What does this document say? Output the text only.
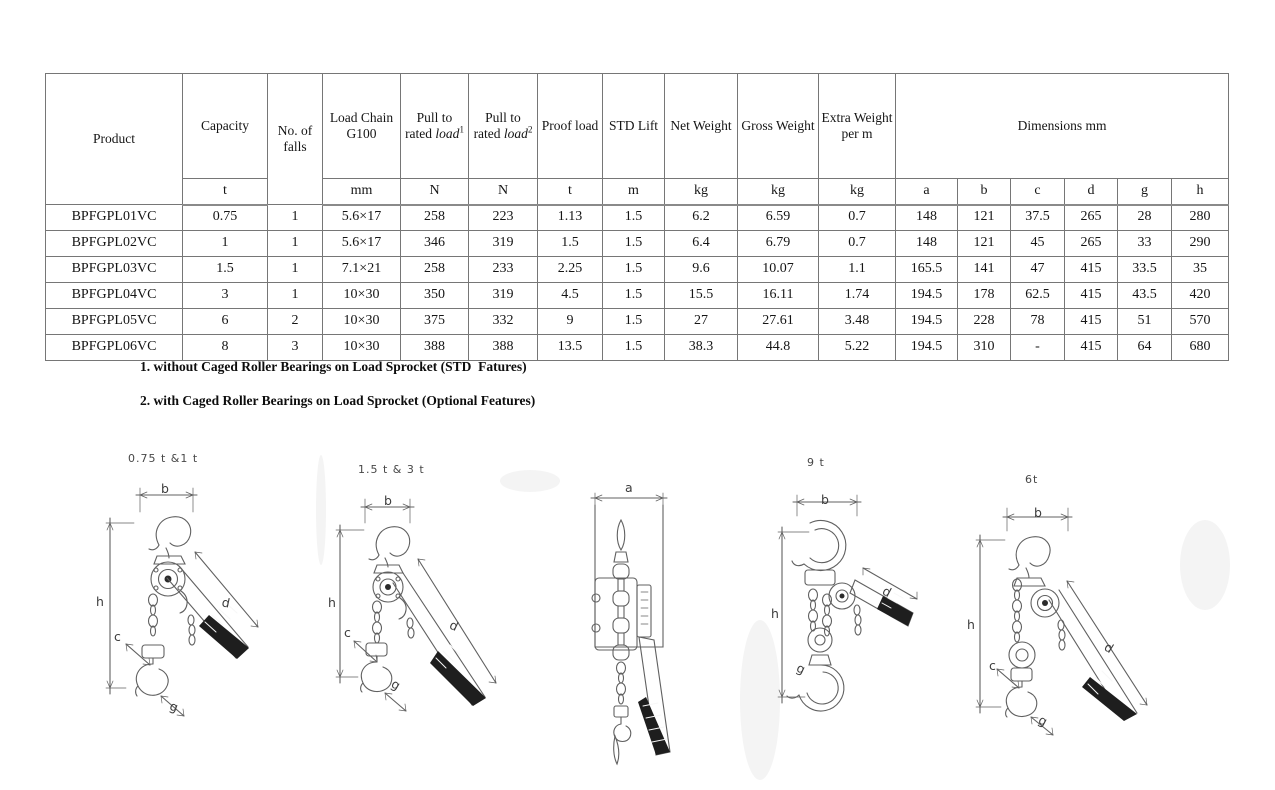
Product	Capacity	No. of falls	Load Chain G100	Pull to rated load$^1$	Pull to rated load$^2$	Proof load	STD Lift	Net Weight	Gross Weight	Extra Weight per m	Dimensions mm					
	t		mm	N	N	t	m	kg	kg	kg	a	b	c	d	g	h
BPFGPL01VC	0.75	1	5.6×17	258	223	1.13	1.5	6.2	6.59	0.7	148	121	37.5	265	28	280
BPFGPL02VC	1	1	5.6×17	346	319	1.5	1.5	6.4	6.79	0.7	148	121	45	265	33	290
BPFGPL03VC	1.5	1	7.1×21	258	233	2.25	1.5	9.6	10.07	1.1	165.5	141	47	415	33.5	35
BPFGPL04VC	3	1	10×30	350	319	4.5	1.5	15.5	16.11	1.74	194.5	178	62.5	415	43.5	420
BPFGPL05VC	6	2	10×30	375	332	9	1.5	27	27.61	3.48	194.5	228	78	415	51	570
BPFGPL06VC	8	3	10×30	388	388	13.5	1.5	38.3	44.8	5.22	194.5	310	-	415	64	680
1. without Caged Roller Bearings on Load Sprocket (STD  Fatures)
2. with Caged Roller Bearings on Load Sprocket (Optional Features)
0.75 t &1 t
b
h	d
c
g
1.5 t & 3 t
b
h
d
c
g
a
9 t
b
h
d
g
6t
b
h
d
c
g
